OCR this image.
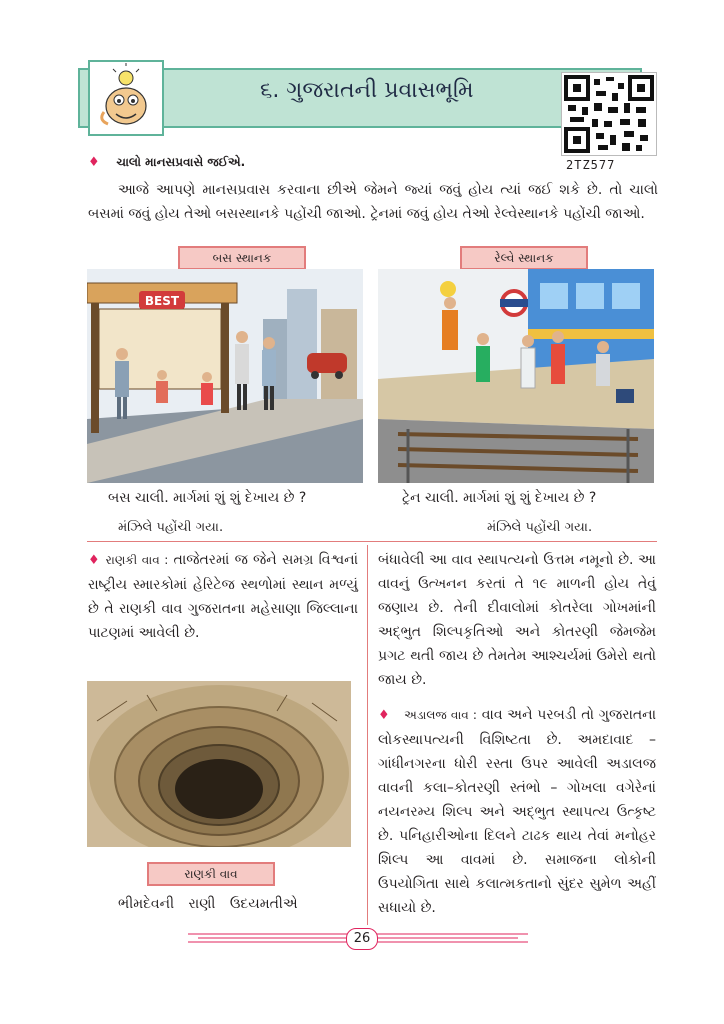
૬. ગુજરાતની પ્રવાસભૂમિ
2TZ577
♦ ચાલો માનસપ્રવાસે જઈએ.
આજે આપણે માનસપ્રવાસ કરવાના છીએ જેમને જ્યાં જવું હોય ત્યાં જઈ શકે છે. તો ચાલો બસમાં જવું હોય તેઓ બસસ્થાનકે પહોંચી જાઓ. ટ્રેનમાં જવું હોય તેઓ રેલ્વેસ્થાનકે પહોંચી જાઓ.
બસ સ્થાનક	રેલ્વે સ્થાનક
BEST
બસ ચાલી. માર્ગમાં શું શું દેખાય છે ?	ટ્રેન ચાલી. માર્ગમાં શું શું દેખાય છે ?
મંઝિલે પહોંચી ગયા.	મંઝિલે પહોંચી ગયા.
♦ રાણકી વાવ : તાજેતરમાં જ જેને સમગ્ર વિશ્વનાં રાષ્ટ્રીય સ્મારકોમાં હેરિટેજ સ્થળોમાં સ્થાન મળ્યું છે તે રાણકી વાવ ગુજરાતના મહેસાણા જિલ્લાના પાટણમાં આવેલી છે.
રાણકી વાવ
ભીમદેવની રાણી ઉદયમતીએ
બંધાવેલી આ વાવ સ્થાપત્યનો ઉત્તમ નમૂનો છે. આ વાવનું ઉત્ખનન કરતાં તે ૧૯ માળની હોય તેવું જણાય છે. તેની દીવાલોમાં કોતરેલા ગોખમાંની અદ્ભુત શિલ્પકૃતિઓ અને કોતરણી જેમજેમ પ્રગટ થતી જાય છે તેમતેમ આશ્ચર્યમાં ઉમેરો થતો જાય છે.
♦ અડાલજ વાવ : વાવ અને પરબડી તો ગુજરાતના લોકસ્થાપત્યની વિશિષ્ટતા છે. અમદાવાદ – ગાંધીનગરના ધોરી રસ્તા ઉપર આવેલી અડાલજ વાવની કલા–કોતરણી સ્તંભો – ગોખલા વગેરેનાં નયનરમ્ય શિલ્પ અને અદ્ભુત સ્થાપત્ય ઉત્કૃષ્ટ છે. પનિહારીઓના દિલને ટાઢક થાય તેવાં મનોહર શિલ્પ આ વાવમાં છે. સમાજના લોકોની ઉપયોગિતા સાથે કલાત્મકતાનો સુંદર સુમેળ અહીં સધાયો છે.
26
